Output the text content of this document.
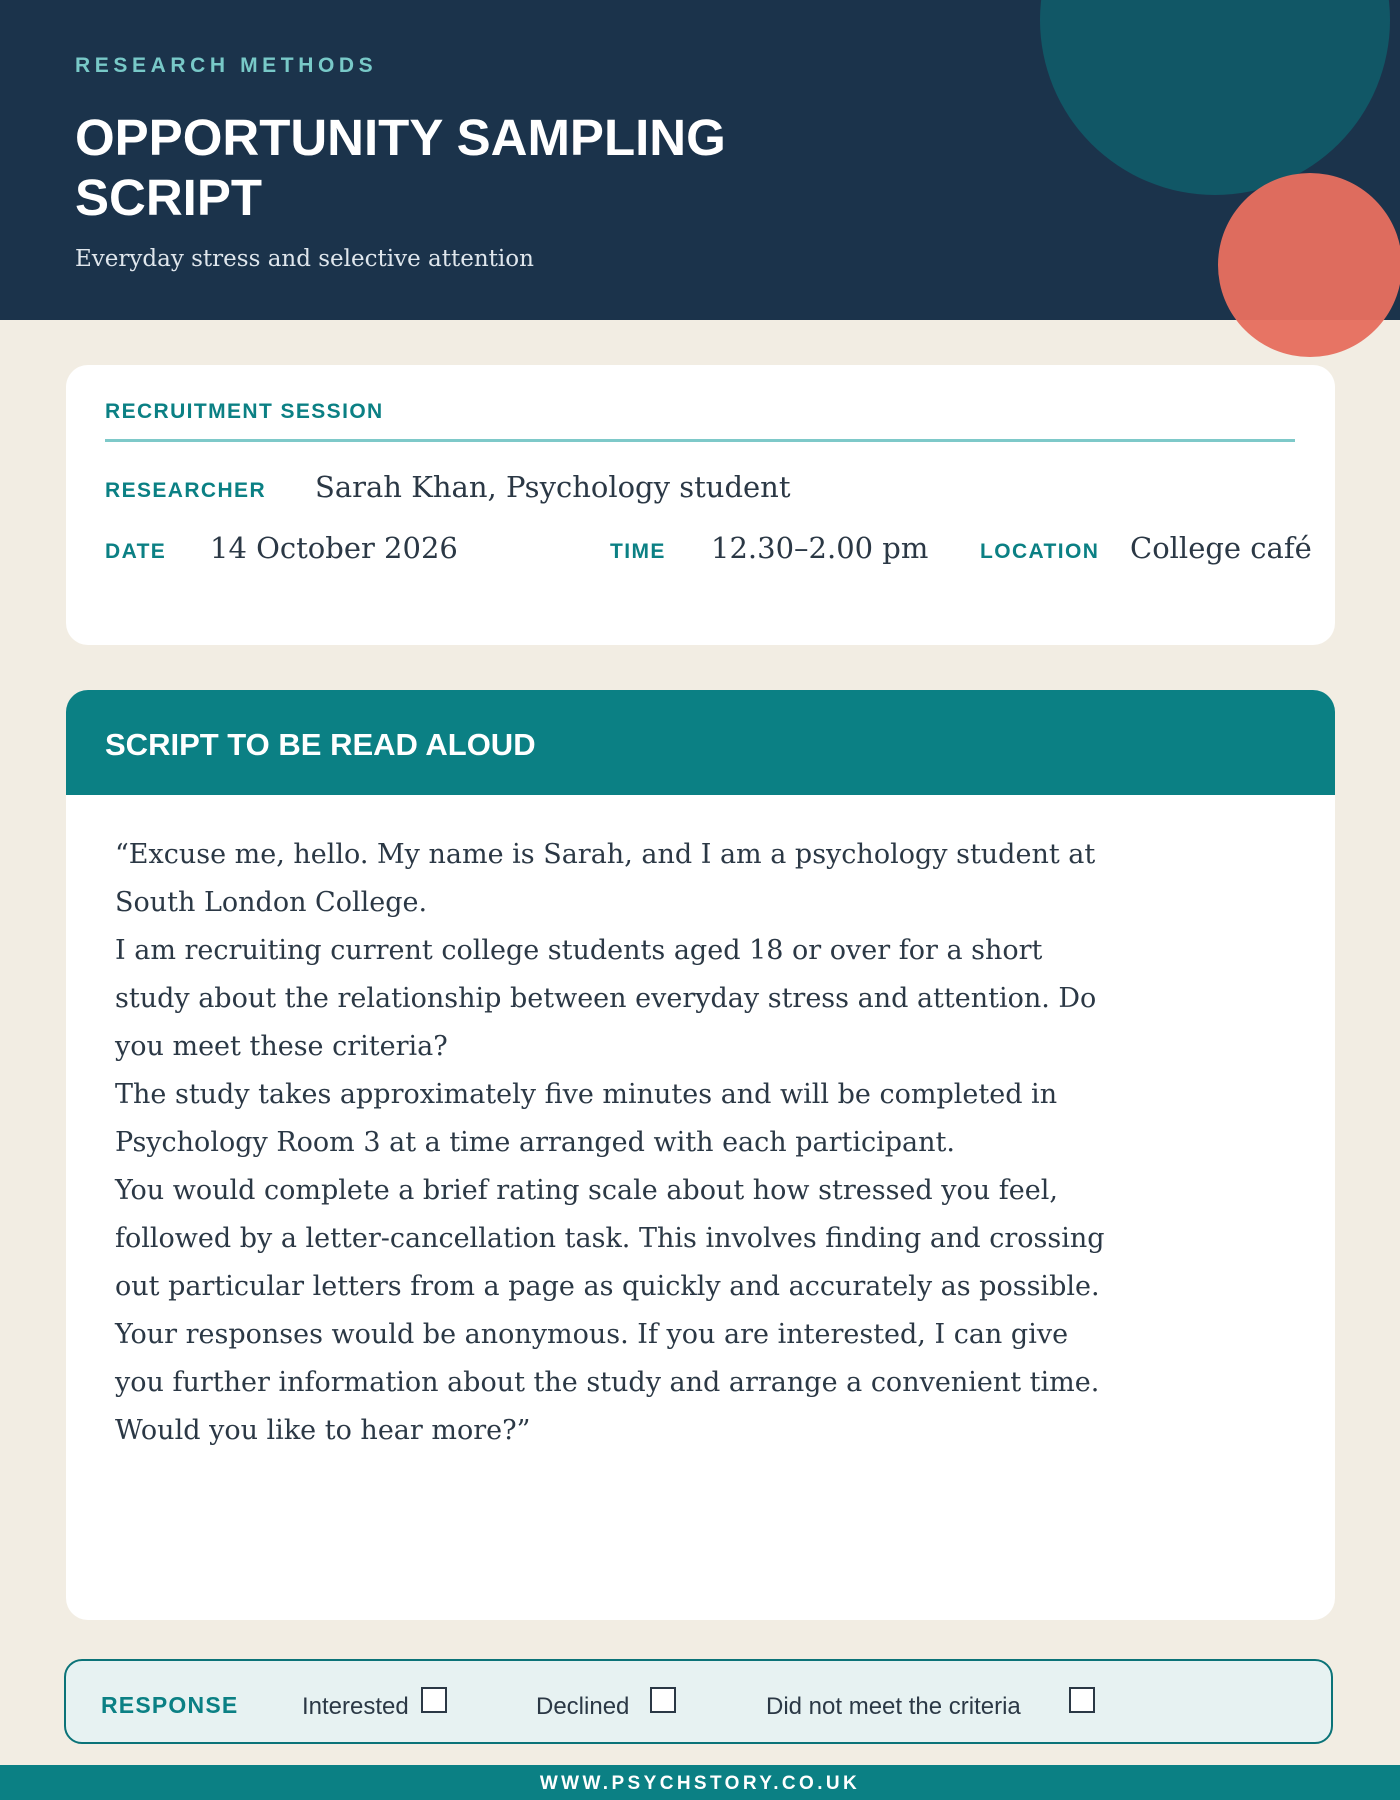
RESEARCH METHODS
OPPORTUNITY SAMPLING SCRIPT
Everyday stress and selective attention
RECRUITMENT SESSION
RESEARCHER Sarah Khan, Psychology student
DATE 14 October 2026	TIME 12.30–2.00 pm LOCATION College café
SCRIPT TO BE READ ALOUD

“Excuse me, hello. My name is Sarah, and I am a psychology student at South London College.

I am recruiting current college students aged 18 or over for a short study about the relationship between everyday stress and attention. Do you meet these criteria?

The study takes approximately five minutes and will be completed in Psychology Room 3 at a time arranged with each participant.

You would complete a brief rating scale about how stressed you feel, followed by a letter-cancellation task. This involves finding and crossing out particular letters from a page as quickly and accurately as possible.

Your responses would be anonymous. If you are interested, I can give you further information about the study and arrange a convenient time. Would you like to hear more?”

RESPONSE	Interested	Declined	Did not meet the criteria
WWW.PSYCHSTORY.CO.UK
